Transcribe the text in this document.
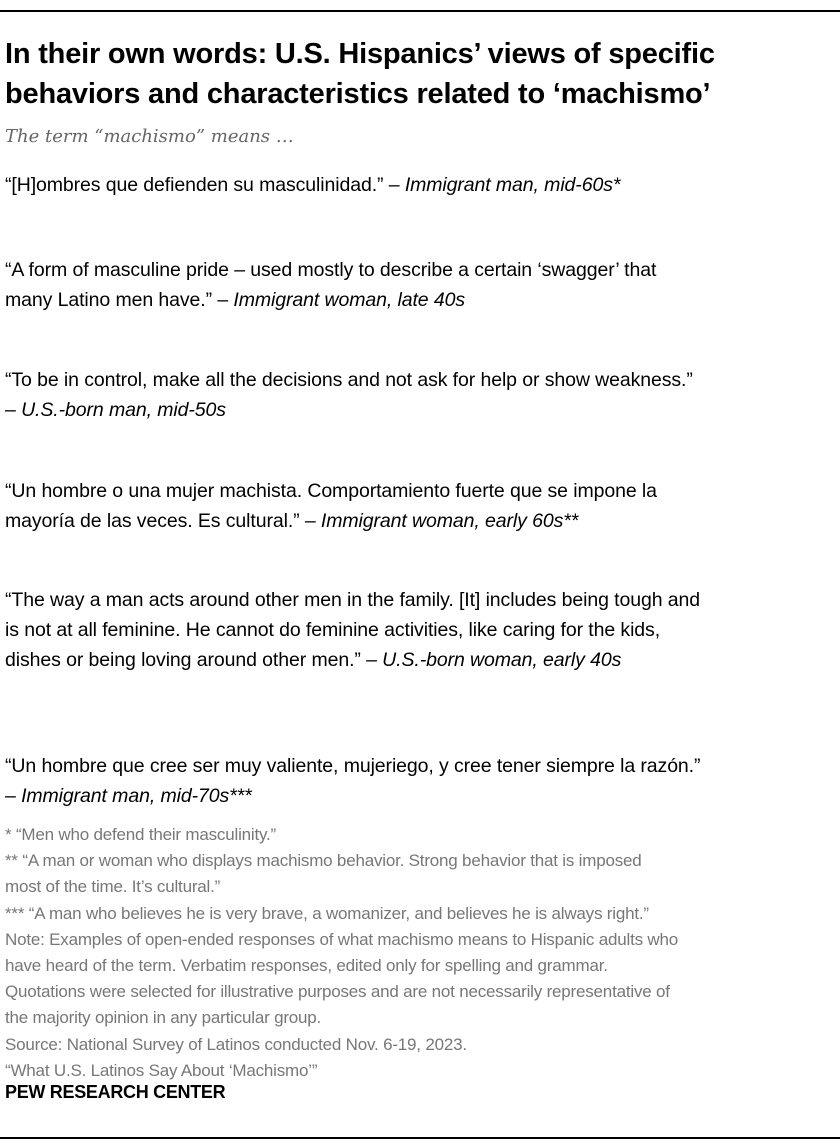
In their own words: U.S. Hispanics’ views of specific
behaviors and characteristics related to ‘machismo’
The term “machismo” means …
“[H]ombres que defienden su masculinidad.” – Immigrant man, mid-60s*
“A form of masculine pride – used mostly to describe a certain ‘swagger’ that
many Latino men have.” – Immigrant woman, late 40s
“To be in control, make all the decisions and not ask for help or show weakness.”
– U.S.-born man, mid-50s
“Un hombre o una mujer machista. Comportamiento fuerte que se impone la
mayoría de las veces. Es cultural.” – Immigrant woman, early 60s**
“The way a man acts around other men in the family. [It] includes being tough and
is not at all feminine. He cannot do feminine activities, like caring for the kids,
dishes or being loving around other men.” – U.S.-born woman, early 40s
“Un hombre que cree ser muy valiente, mujeriego, y cree tener siempre la razón.”
– Immigrant man, mid-70s***
* “Men who defend their masculinity.”
** “A man or woman who displays machismo behavior. Strong behavior that is imposed
most of the time. It’s cultural.”
*** “A man who believes he is very brave, a womanizer, and believes he is always right.”
Note: Examples of open-ended responses of what machismo means to Hispanic adults who
have heard of the term. Verbatim responses, edited only for spelling and grammar.
Quotations were selected for illustrative purposes and are not necessarily representative of
the majority opinion in any particular group.
Source: National Survey of Latinos conducted Nov. 6-19, 2023.
“What U.S. Latinos Say About ‘Machismo’”
PEW RESEARCH CENTER
